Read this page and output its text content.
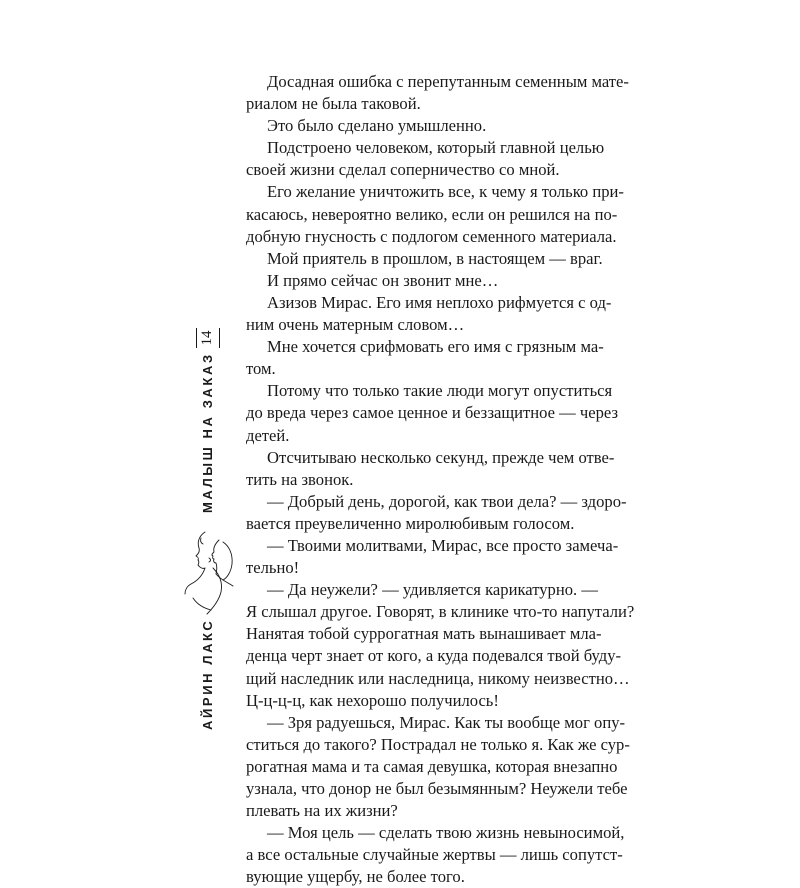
14
МАЛЫШ НА ЗАКАЗ
АЙРИН ЛАКС

Досадная ошибка с перепутанным семенным мате-
риалом не была таковой.

Это было сделано умышленно.

Подстроено человеком, который главной целью
своей жизни сделал соперничество со мной.

Его желание уничтожить все, к чему я только при-
касаюсь, невероятно велико, если он решился на по-
добную гнусность с подлогом семенного материала.

Мой приятель в прошлом, в настоящем — враг.

И прямо сейчас он звонит мне…

Азизов Мирас. Его имя неплохо рифмуется с од-
ним очень матерным словом…

Мне хочется срифмовать его имя с грязным ма-
том.

Потому что только такие люди могут опуститься
до вреда через самое ценное и беззащитное — через
детей.

Отсчитываю несколько секунд, прежде чем отве-
тить на звонок.

— Добрый день, дорогой, как твои дела? — здоро-
вается преувеличенно миролюбивым голосом.

— Твоими молитвами, Мирас, все просто замеча-
тельно!

— Да неужели? — удивляется карикатурно. —
Я слышал другое. Говорят, в клинике что-то напутали?
Нанятая тобой суррогатная мать вынашивает мла-
денца черт знает от кого, а куда подевался твой буду-
щий наследник или наследница, никому неизвестно…
Ц-ц-ц-ц, как нехорошо получилось!

— Зря радуешься, Мирас. Как ты вообще мог опу-
ститься до такого? Пострадал не только я. Как же сур-
рогатная мама и та самая девушка, которая внезапно
узнала, что донор не был безымянным? Неужели тебе
плевать на их жизни?

— Моя цель — сделать твою жизнь невыносимой,
а все остальные случайные жертвы — лишь сопутст-
вующие ущербу, не более того.
